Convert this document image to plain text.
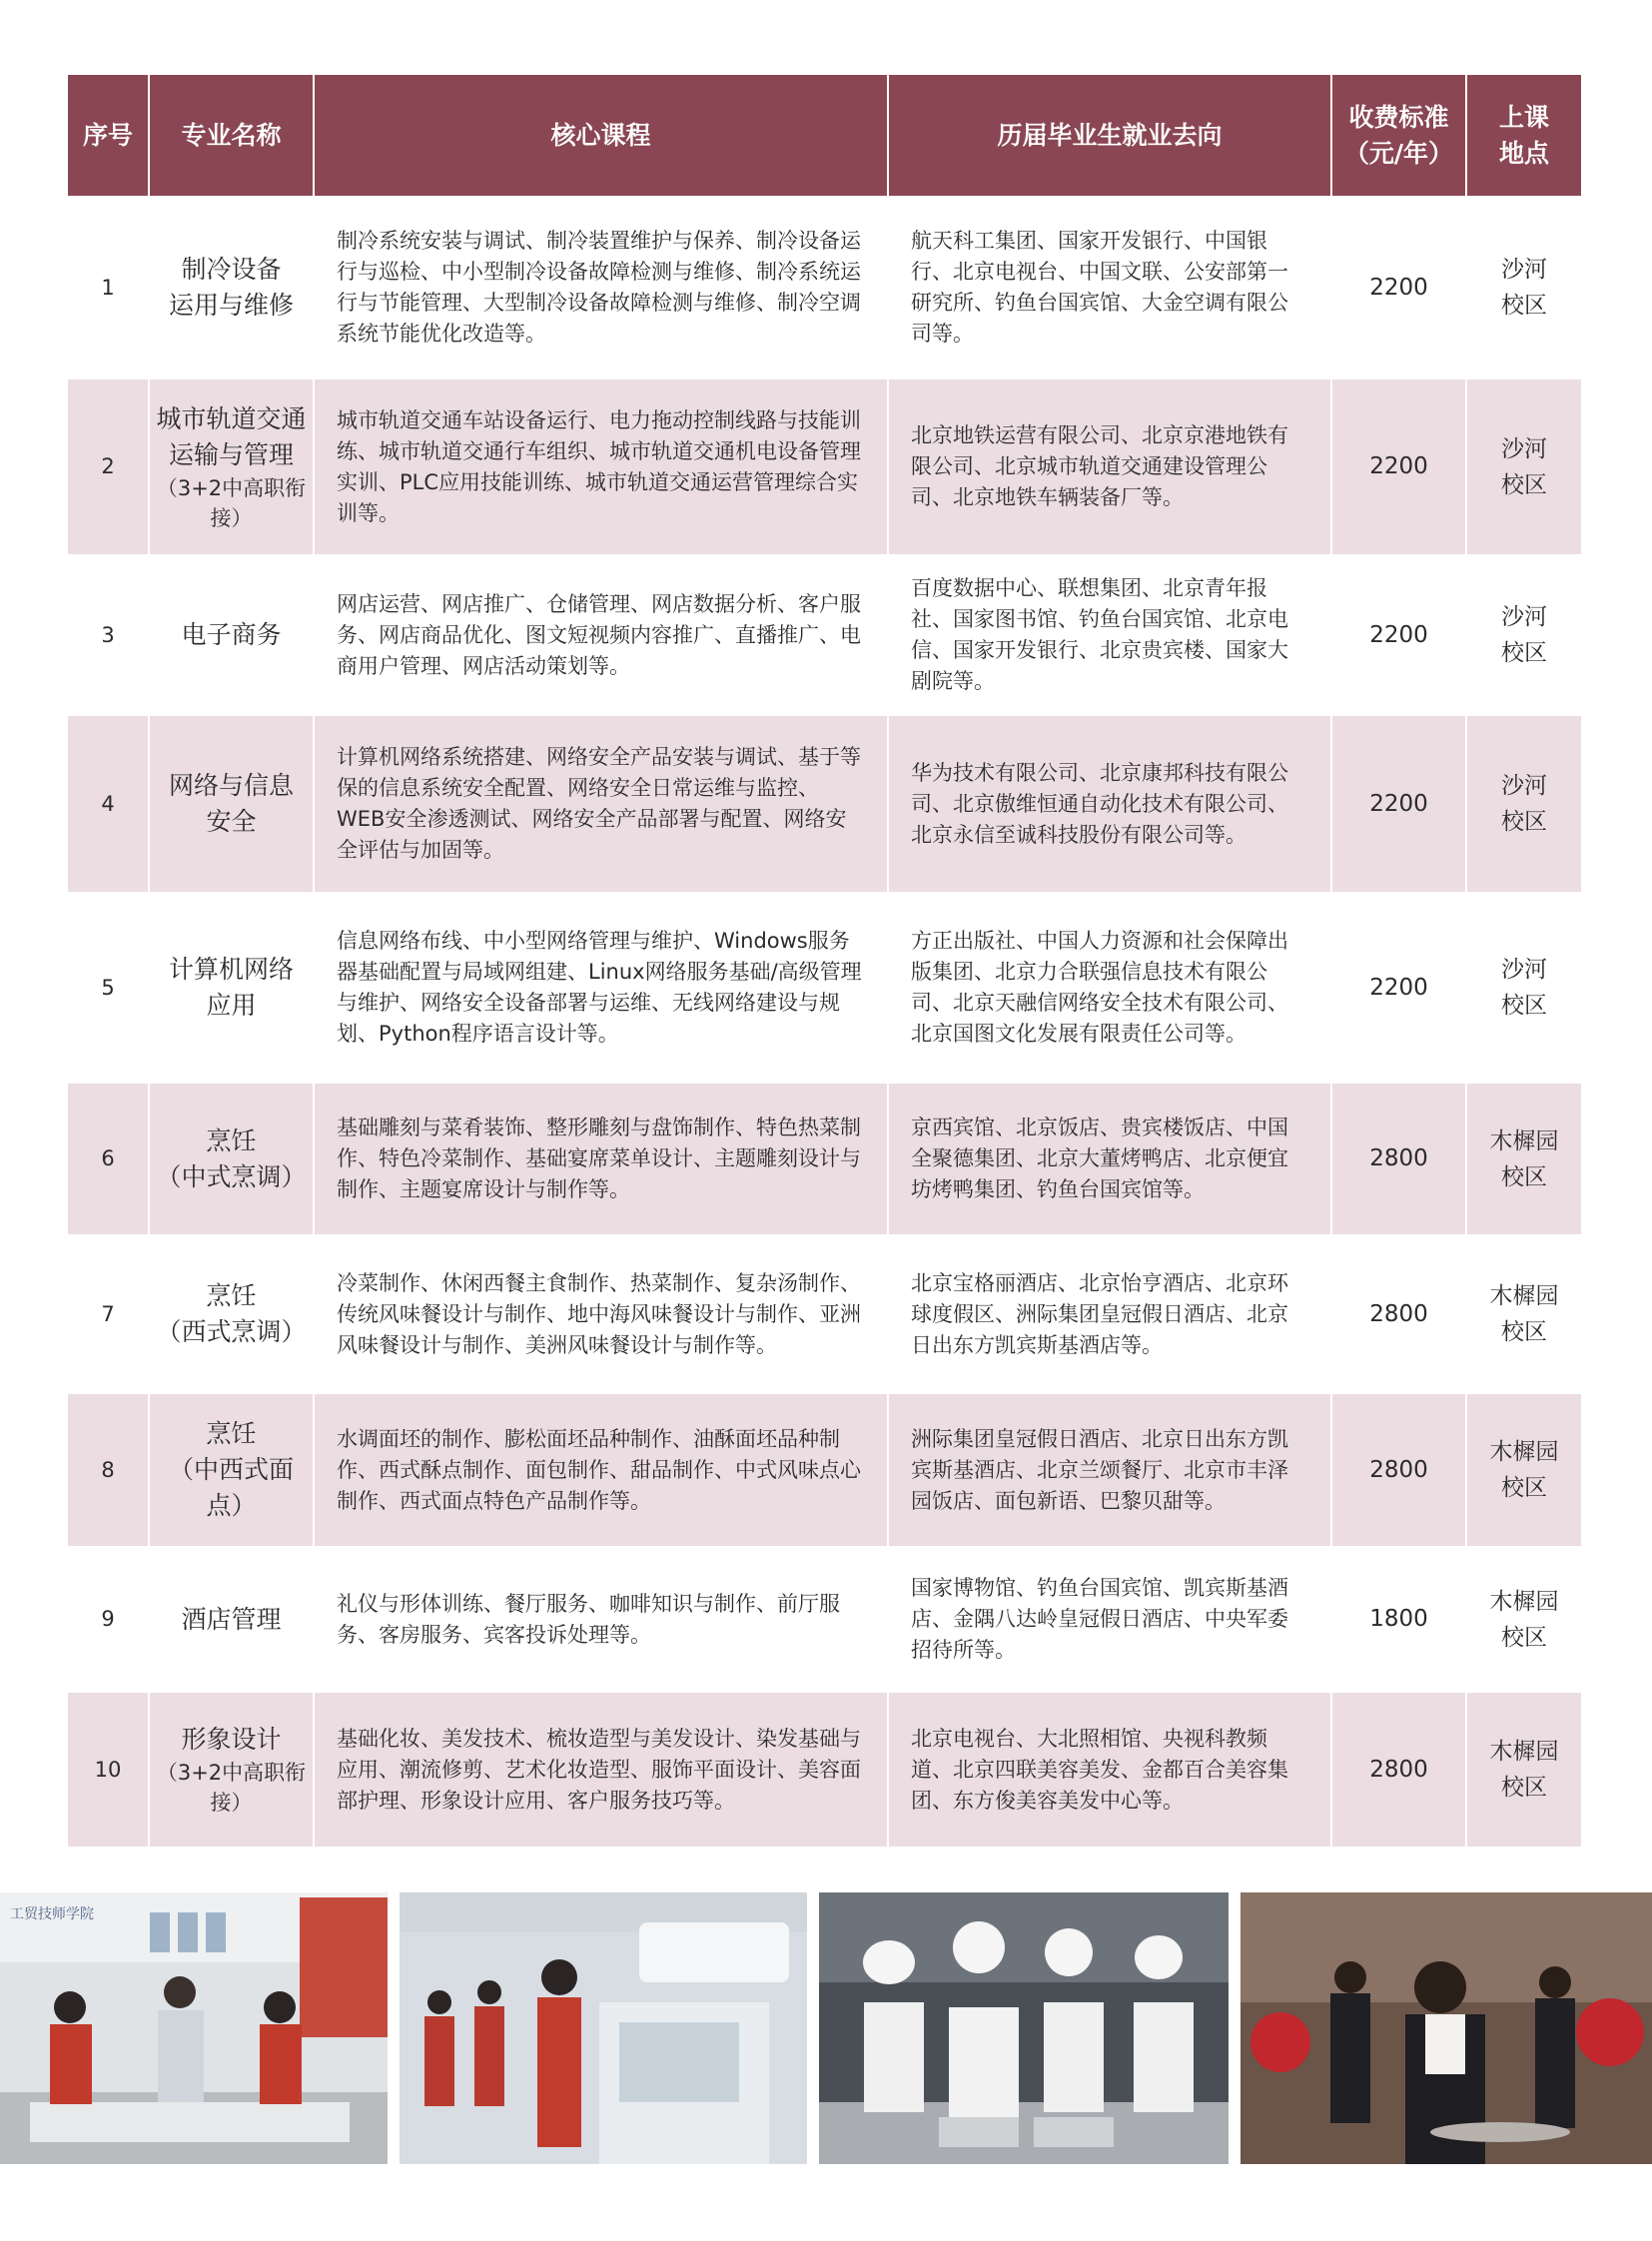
序号	专业名称	核心课程	历届毕业生就业去向	收费标准
（元/年）	上课
地点
1	制冷设备
运用与维修	制冷系统安装与调试、制冷装置维护与保养、制冷设备运行与巡检、中小型制冷设备故障检测与维修、制冷系统运行与节能管理、大型制冷设备故障检测与维修、制冷空调系统节能优化改造等。	航天科工集团、国家开发银行、中国银行、北京电视台、中国文联、公安部第一研究所、钓鱼台国宾馆、大金空调有限公司等。	2200	沙河
校区
2	城市轨道交通
运输与管理
（3+2中高职衔接）	城市轨道交通车站设备运行、电力拖动控制线路与技能训练、城市轨道交通行车组织、城市轨道交通机电设备管理实训、PLC应用技能训练、城市轨道交通运营管理综合实训等。	北京地铁运营有限公司、北京京港地铁有限公司、北京城市轨道交通建设管理公司、北京地铁车辆装备厂等。	2200	沙河
校区
3	电子商务	网店运营、网店推广、仓储管理、网店数据分析、客户服务、网店商品优化、图文短视频内容推广、直播推广、电商用户管理、网店活动策划等。	百度数据中心、联想集团、北京青年报社、国家图书馆、钓鱼台国宾馆、北京电信、国家开发银行、北京贵宾楼、国家大剧院等。	2200	沙河
校区
4	网络与信息
安全	计算机网络系统搭建、网络安全产品安装与调试、基于等保的信息系统安全配置、网络安全日常运维与监控、WEB安全渗透测试、网络安全产品部署与配置、网络安全评估与加固等。	华为技术有限公司、北京康邦科技有限公司、北京傲维恒通自动化技术有限公司、北京永信至诚科技股份有限公司等。	2200	沙河
校区
5	计算机网络
应用	信息网络布线、中小型网络管理与维护、Windows服务器基础配置与局域网组建、Linux网络服务基础/高级管理与维护、网络安全设备部署与运维、无线网络建设与规划、Python程序语言设计等。	方正出版社、中国人力资源和社会保障出版集团、北京力合联强信息技术有限公司、北京天融信网络安全技术有限公司、北京国图文化发展有限责任公司等。	2200	沙河
校区
6	烹饪
（中式烹调）	基础雕刻与菜肴装饰、整形雕刻与盘饰制作、特色热菜制作、特色冷菜制作、基础宴席菜单设计、主题雕刻设计与制作、主题宴席设计与制作等。	京西宾馆、北京饭店、贵宾楼饭店、中国全聚德集团、北京大董烤鸭店、北京便宜坊烤鸭集团、钓鱼台国宾馆等。	2800	木樨园
校区
7	烹饪
（西式烹调）	冷菜制作、休闲西餐主食制作、热菜制作、复杂汤制作、传统风味餐设计与制作、地中海风味餐设计与制作、亚洲风味餐设计与制作、美洲风味餐设计与制作等。	北京宝格丽酒店、北京怡亨酒店、北京环球度假区、洲际集团皇冠假日酒店、北京日出东方凯宾斯基酒店等。	2800	木樨园
校区
8	烹饪
（中西式面点）	水调面坯的制作、膨松面坯品种制作、油酥面坯品种制作、西式酥点制作、面包制作、甜品制作、中式风味点心制作、西式面点特色产品制作等。	洲际集团皇冠假日酒店、北京日出东方凯宾斯基酒店、北京兰颂餐厅、北京市丰泽园饭店、面包新语、巴黎贝甜等。	2800	木樨园
校区
9	酒店管理	礼仪与形体训练、餐厅服务、咖啡知识与制作、前厅服务、客房服务、宾客投诉处理等。	国家博物馆、钓鱼台国宾馆、凯宾斯基酒店、金隅八达岭皇冠假日酒店、中央军委招待所等。	1800	木樨园
校区
10	形象设计
（3+2中高职衔接）	基础化妆、美发技术、梳妆造型与美发设计、染发基础与应用、潮流修剪、艺术化妆造型、服饰平面设计、美容面部护理、形象设计应用、客户服务技巧等。	北京电视台、大北照相馆、央视科教频道、北京四联美容美发、金都百合美容集团、东方俊美容美发中心等。	2800	木樨园
校区
工贸技师学院
